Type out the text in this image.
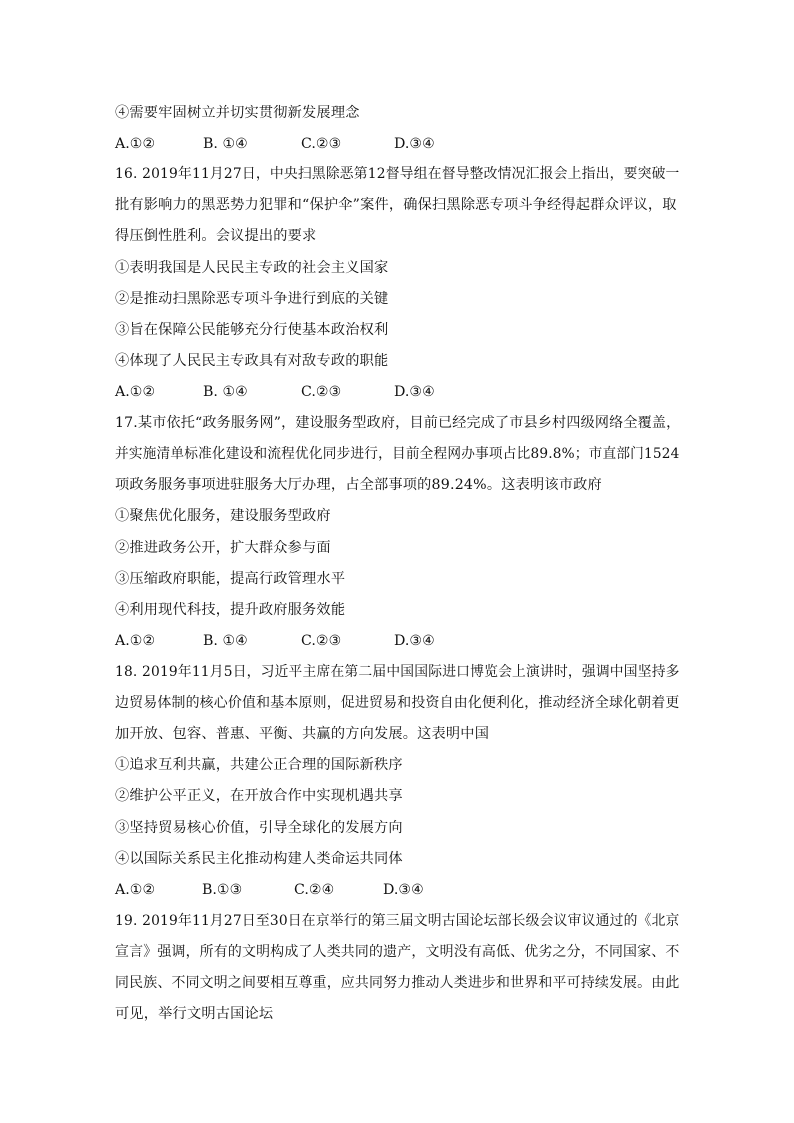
④需要牢固树立并切实贯彻新发展理念

A.①②	B. ①④	C.②③	D.③④

16. 2019年11月27日，中央扫黑除恶第12督导组在督导整改情况汇报会上指出，要突破一

批有影响力的黑恶势力犯罪和“保护伞”案件，确保扫黑除恶专项斗争经得起群众评议，取

得压倒性胜利。会议提出的要求

①表明我国是人民民主专政的社会主义国家

②是推动扫黑除恶专项斗争进行到底的关键

③旨在保障公民能够充分行使基本政治权利

④体现了人民民主专政具有对敌专政的职能

A.①②	B. ①④	C.②③	D.③④

17.某市依托“政务服务网”，建设服务型政府，目前已经完成了市县乡村四级网络全覆盖，

并实施清单标准化建设和流程优化同步进行，目前全程网办事项占比89.8%；市直部门1524

项政务服务事项进驻服务大厅办理，占全部事项的89.24%。这表明该市政府

①聚焦优化服务，建设服务型政府

②推进政务公开，扩大群众参与面

③压缩政府职能，提高行政管理水平

④利用现代科技，提升政府服务效能

A.①②	B. ①④	C.②③	D.③④

18. 2019年11月5日，习近平主席在第二届中国国际进口博览会上演讲时，强调中国坚持多

边贸易体制的核心价值和基本原则，促进贸易和投资自由化便利化，推动经济全球化朝着更

加开放、包容、普惠、平衡、共赢的方向发展。这表明中国

①追求互利共赢，共建公正合理的国际新秩序

②维护公平正义，在开放合作中实现机遇共享

③坚持贸易核心价值，引导全球化的发展方向

④以国际关系民主化推动构建人类命运共同体

A.①②	B.①③	C.②④	D.③④

19. 2019年11月27日至30日在京举行的第三届文明古国论坛部长级会议审议通过的《北京

宣言》强调，所有的文明构成了人类共同的遗产，文明没有高低、优劣之分，不同国家、不

同民族、不同文明之间要相互尊重，应共同努力推动人类进步和世界和平可持续发展。由此

可见，举行文明古国论坛
